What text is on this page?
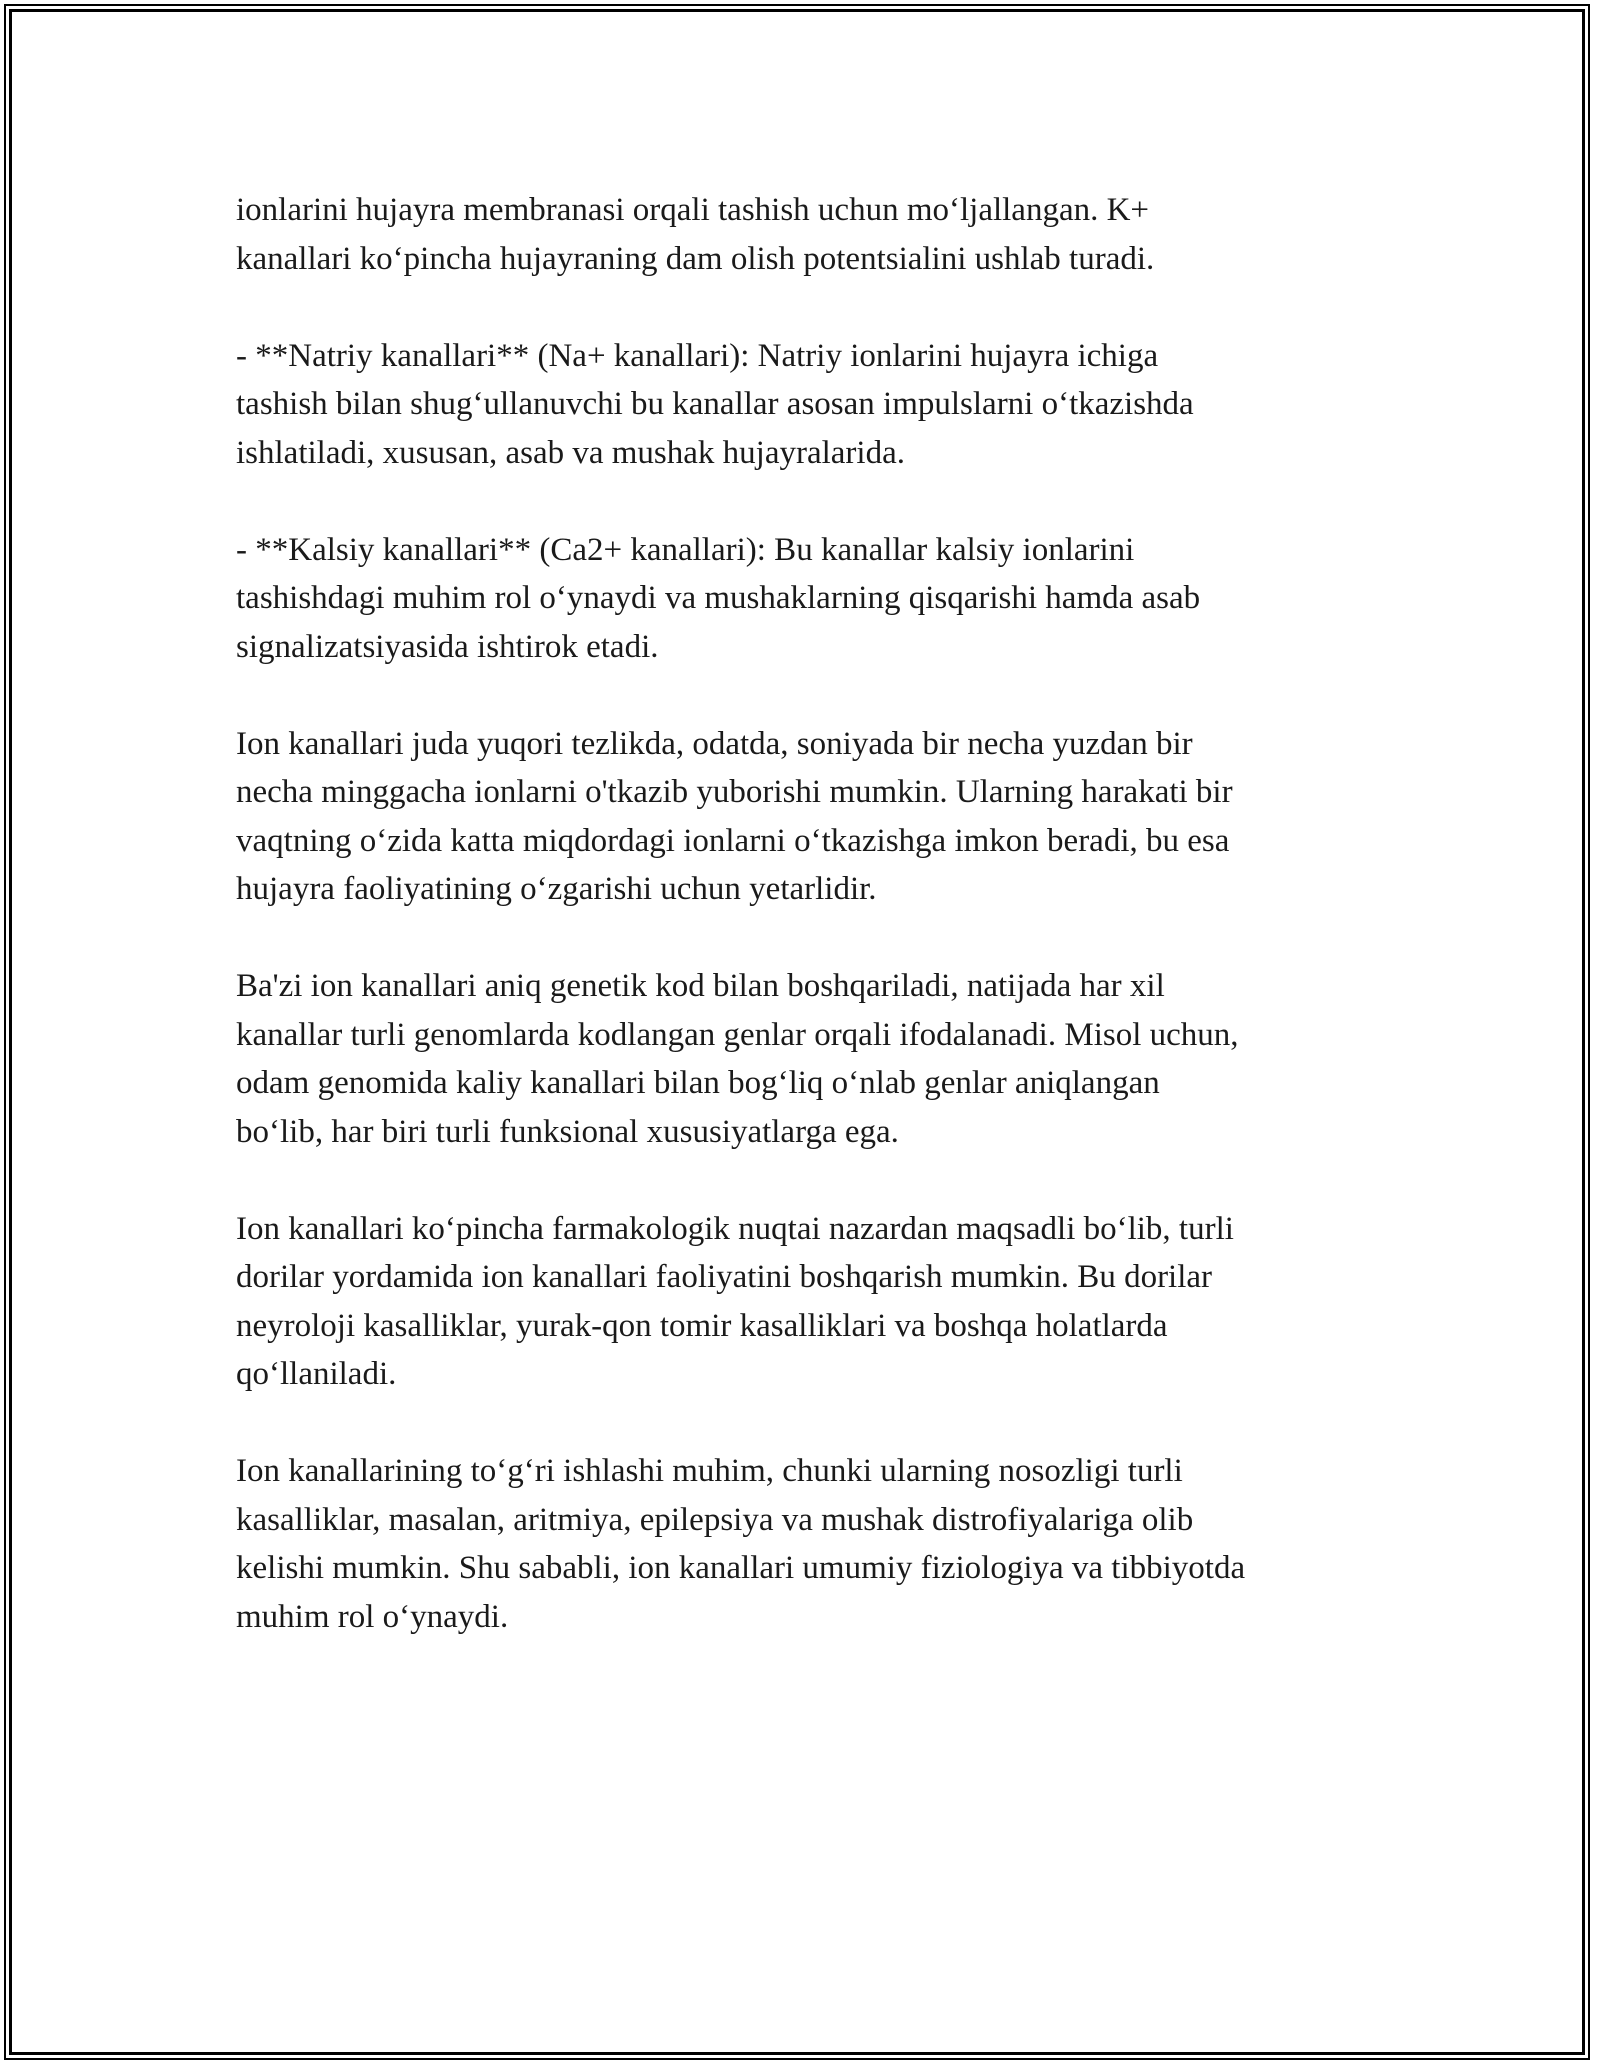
ionlarini hujayra membranasi orqali tashish uchun mo‘ljallangan. K+
kanallari ko‘pincha hujayraning dam olish potentsialini ushlab turadi.

- **Natriy kanallari** (Na+ kanallari): Natriy ionlarini hujayra ichiga
tashish bilan shug‘ullanuvchi bu kanallar asosan impulslarni o‘tkazishda
ishlatiladi, xususan, asab va mushak hujayralarida.

- **Kalsiy kanallari** (Ca2+ kanallari): Bu kanallar kalsiy ionlarini
tashishdagi muhim rol o‘ynaydi va mushaklarning qisqarishi hamda asab
signalizatsiyasida ishtirok etadi.

Ion kanallari juda yuqori tezlikda, odatda, soniyada bir necha yuzdan bir
necha minggacha ionlarni o'tkazib yuborishi mumkin. Ularning harakati bir
vaqtning o‘zida katta miqdordagi ionlarni o‘tkazishga imkon beradi, bu esa
hujayra faoliyatining o‘zgarishi uchun yetarlidir.

Ba'zi ion kanallari aniq genetik kod bilan boshqariladi, natijada har xil
kanallar turli genomlarda kodlangan genlar orqali ifodalanadi. Misol uchun,
odam genomida kaliy kanallari bilan bog‘liq o‘nlab genlar aniqlangan
bo‘lib, har biri turli funksional xususiyatlarga ega.

Ion kanallari ko‘pincha farmakologik nuqtai nazardan maqsadli bo‘lib, turli
dorilar yordamida ion kanallari faoliyatini boshqarish mumkin. Bu dorilar
neyroloji kasalliklar, yurak-qon tomir kasalliklari va boshqa holatlarda
qo‘llaniladi.

Ion kanallarining to‘g‘ri ishlashi muhim, chunki ularning nosozligi turli
kasalliklar, masalan, aritmiya, epilepsiya va mushak distrofiyalariga olib
kelishi mumkin. Shu sababli, ion kanallari umumiy fiziologiya va tibbiyotda
muhim rol o‘ynaydi.
